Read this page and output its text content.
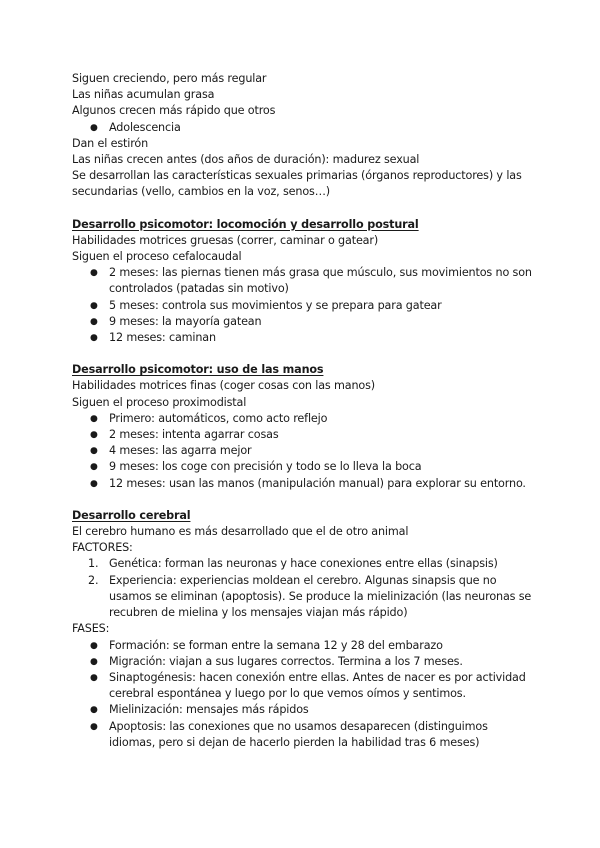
Siguen creciendo, pero más regular

Las niñas acumulan grasa

Algunos crecen más rápido que otros

● Adolescencia

Dan el estirón

Las niñas crecen antes (dos años de duración): madurez sexual

Se desarrollan las características sexuales primarias (órganos reproductores) y las secundarias (vello, cambios en la voz, senos…)

Desarrollo psicomotor: locomoción y desarrollo postural

Habilidades motrices gruesas (correr, caminar o gatear)

Siguen el proceso cefalocaudal

● 2 meses: las piernas tienen más grasa que músculo, sus movimientos no son controlados (patadas sin motivo)
● 5 meses: controla sus movimientos y se prepara para gatear
● 9 meses: la mayoría gatean
● 12 meses: caminan

Desarrollo psicomotor: uso de las manos

Habilidades motrices finas (coger cosas con las manos)

Siguen el proceso proximodistal

● Primero: automáticos, como acto reflejo
● 2 meses: intenta agarrar cosas
● 4 meses: las agarra mejor
● 9 meses: los coge con precisión y todo se lo lleva la boca
● 12 meses: usan las manos (manipulación manual) para explorar su entorno.

Desarrollo cerebral

El cerebro humano es más desarrollado que el de otro animal

FACTORES:

1. Genética: forman las neuronas y hace conexiones entre ellas (sinapsis)
2. Experiencia: experiencias moldean el cerebro. Algunas sinapsis que no usamos se eliminan (apoptosis). Se produce la mielinización (las neuronas se recubren de mielina y los mensajes viajan más rápido)

FASES:

● Formación: se forman entre la semana 12 y 28 del embarazo
● Migración: viajan a sus lugares correctos. Termina a los 7 meses.
● Sinaptogénesis: hacen conexión entre ellas. Antes de nacer es por actividad cerebral espontánea y luego por lo que vemos oímos y sentimos.
● Mielinización: mensajes más rápidos
● Apoptosis: las conexiones que no usamos desaparecen (distinguimos idiomas, pero si dejan de hacerlo pierden la habilidad tras 6 meses)
